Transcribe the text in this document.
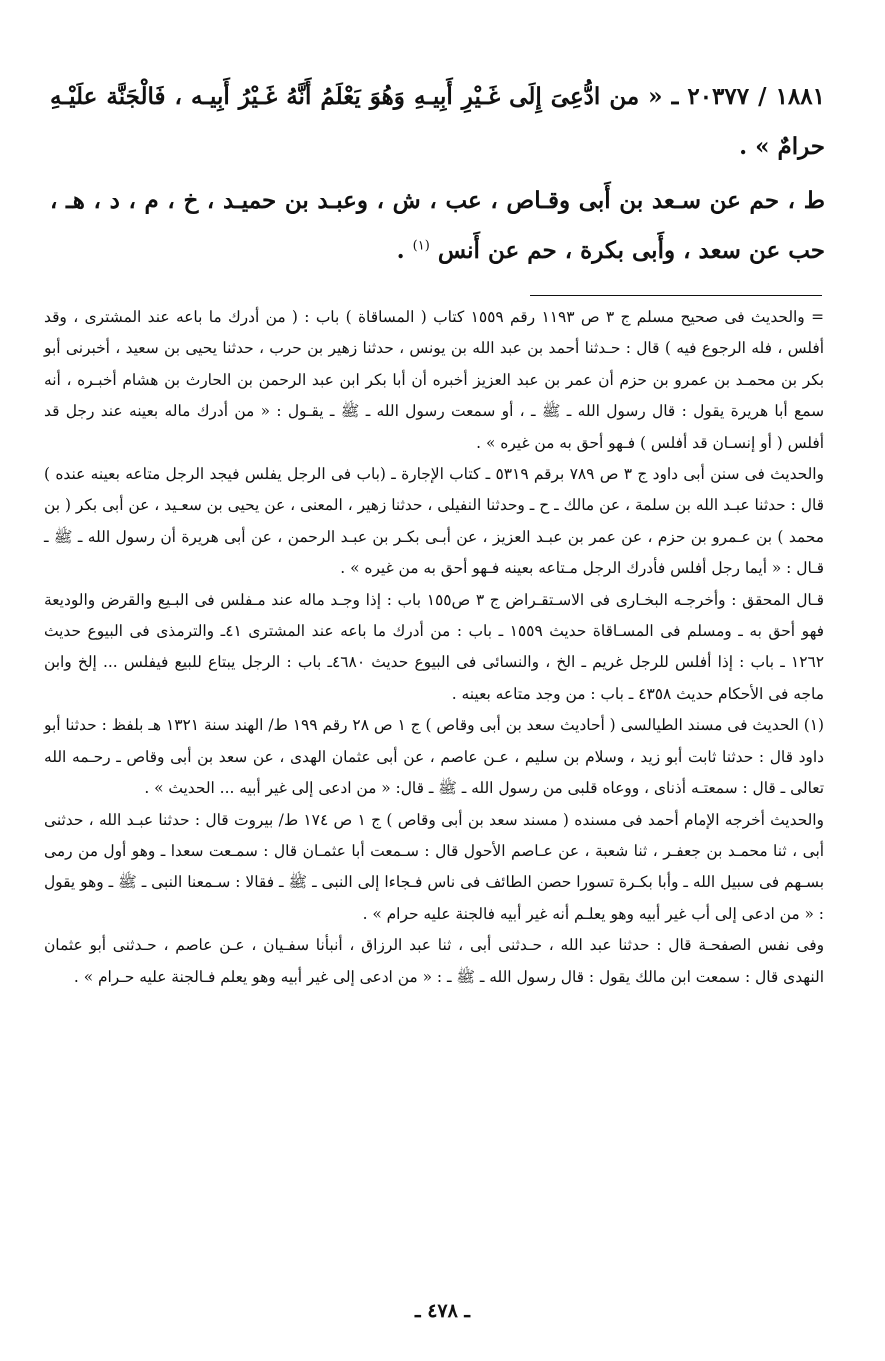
١٨٨١ / ٢٠٣٧٧ ـ « من ادُّعِىَ إِلَى غَـيْرِ أَبِيـهِ وَهُوَ يَعْلَمُ أَنَّهُ غَـيْرُ أَبِيـه ، فَالْجَنَّة علَيْـهِ حرامٌ » .

ط ، حم عن سـعد بن أَبى وقـاص ، عب ، ش ، وعبـد بن حميـد ، خ ، م ، د ، هـ ، حب عن سعد ، وأَبى بكرة ، حم عن أَنس $^{(١)}$ .

= والحديث فى صحيح مسلم ج ٣ ص ١١٩٣ رقم ١٥٥٩ كتاب ( المساقاة ) باب : ( من أدرك ما باعه عند المشترى ، وقد أفلس ، فله الرجوع فيه ) قال : حـدثنا أحمد بن عبد الله بن يونس ، حدثنا زهير بن حرب ، حدثنا يحيى بن سعيد ، أخبرنى أبو بكر بن محمـد بن عمرو بن حزم أن عمر بن عبد العزيز أخبره أن أبا بكر ابن عبد الرحمن بن الحارث بن هشام أخبـره ، أنه سمع أبا هريرة يقول : قال رسول الله ـ ﷺ ـ ، أو سمعت رسول الله ـ ﷺ ـ يقـول : « من أدرك ماله بعينه عند رجل قد أفلس ( أو إنسـان قد أفلس ) فـهو أحق به من غيره » .

والحديث فى سنن أبى داود ج ٣ ص ٧٨٩ برقم ٥٣١٩ ـ كتاب الإجارة ـ (باب فى الرجل يفلس فيجد الرجل متاعه بعينه عنده ) قال : حدثنا عبـد الله بن سلمة ، عن مالك ـ ح ـ وحدثنا النفيلى ، حدثنا زهير ، المعنى ، عن يحيى بن سعـيد ، عن أبى بكر ( بن محمد ) بن عـمرو بن حزم ، عن عمر بن عبـد العزيز ، عن أبـى بكـر بن عبـد الرحمن ، عن أبى هريرة أن رسول الله ـ ﷺ ـ قـال : « أيما رجل أفلس فأدرك الرجل مـتاعه بعينه فـهو أحق به من غيره » .

قـال المحقق : وأخرجـه البخـارى فى الاسـتقـراض ج ٣ ص١٥٥ باب : إذا وجـد ماله عند مـفلس فى البـيع والقرض والوديعة فهو أحق به ـ ومسلم فى المسـاقاة حديث ١٥٥٩ ـ باب : من أدرك ما باعه عند المشترى ٤١ـ والترمذى فى البيوع حديث ١٢٦٢ ـ باب : إذا أفلس للرجل غريم ـ الخ ، والنسائى فى البيوع حديث ٤٦٨٠ـ باب : الرجل يبتاع للبيع فيفلس ... إلخ وابن ماجه فى الأحكام حديث ٤٣٥٨ ـ باب : من وجد متاعه بعينه .

(١) الحديث فى مسند الطيالسى ( أحاديث سعد بن أبى وقاص ) ج ١ ص ٢٨ رقم ١٩٩ ط/ الهند سنة ١٣٢١ هـ بلفظ : حدثنا أبو داود قال : حدثنا ثابت أبو زيد ، وسلام بن سليم ، عـن عاصم ، عن أبى عثمان الهدى ، عن سعد بن أبى وقاص ـ رحـمه الله تعالى ـ قال : سمعتـه أذناى ، ووعاه قلبى من رسول الله ـ ﷺ ـ قال: « من ادعى إلى غير أبيه ... الحديث » .

والحديث أخرجه الإمام أحمد فى مسنده ( مسند سعد بن أبى وقاص ) ج ١ ص ١٧٤ ط/ بيروت قال : حدثنا عبـد الله ، حدثنى أبى ، ثنا محمـد بن جعفـر ، ثنا شعبة ، عن عـاصم الأحول قال : سـمعت أبا عثمـان قال : سمـعت سعدا ـ وهو أول من رمى بسـهم فى سبيل الله ـ وأبا بكـرة تسورا حصن الطائف فى ناس فـجاءا إلى النبى ـ ﷺ ـ فقالا : سـمعنا النبى ـ ﷺ ـ وهو يقول : « من ادعى إلى أب غير أبيه وهو يعلـم أنه غير أبيه فالجنة عليه حرام » .

وفى نفس الصفحـة قال : حدثنا عبد الله ، حـدثنى أبى ، ثنا عبد الرزاق ، أنبأنا سفـيان ، عـن عاصم ، حـدثنى أبو عثمان النهدى قال : سمعت ابن مالك يقول : قال رسول الله ـ ﷺ ـ : « من ادعى إلى غير أبيه وهو يعلم فـالجنة عليه حـرام » .

ـ ٤٧٨ ـ
